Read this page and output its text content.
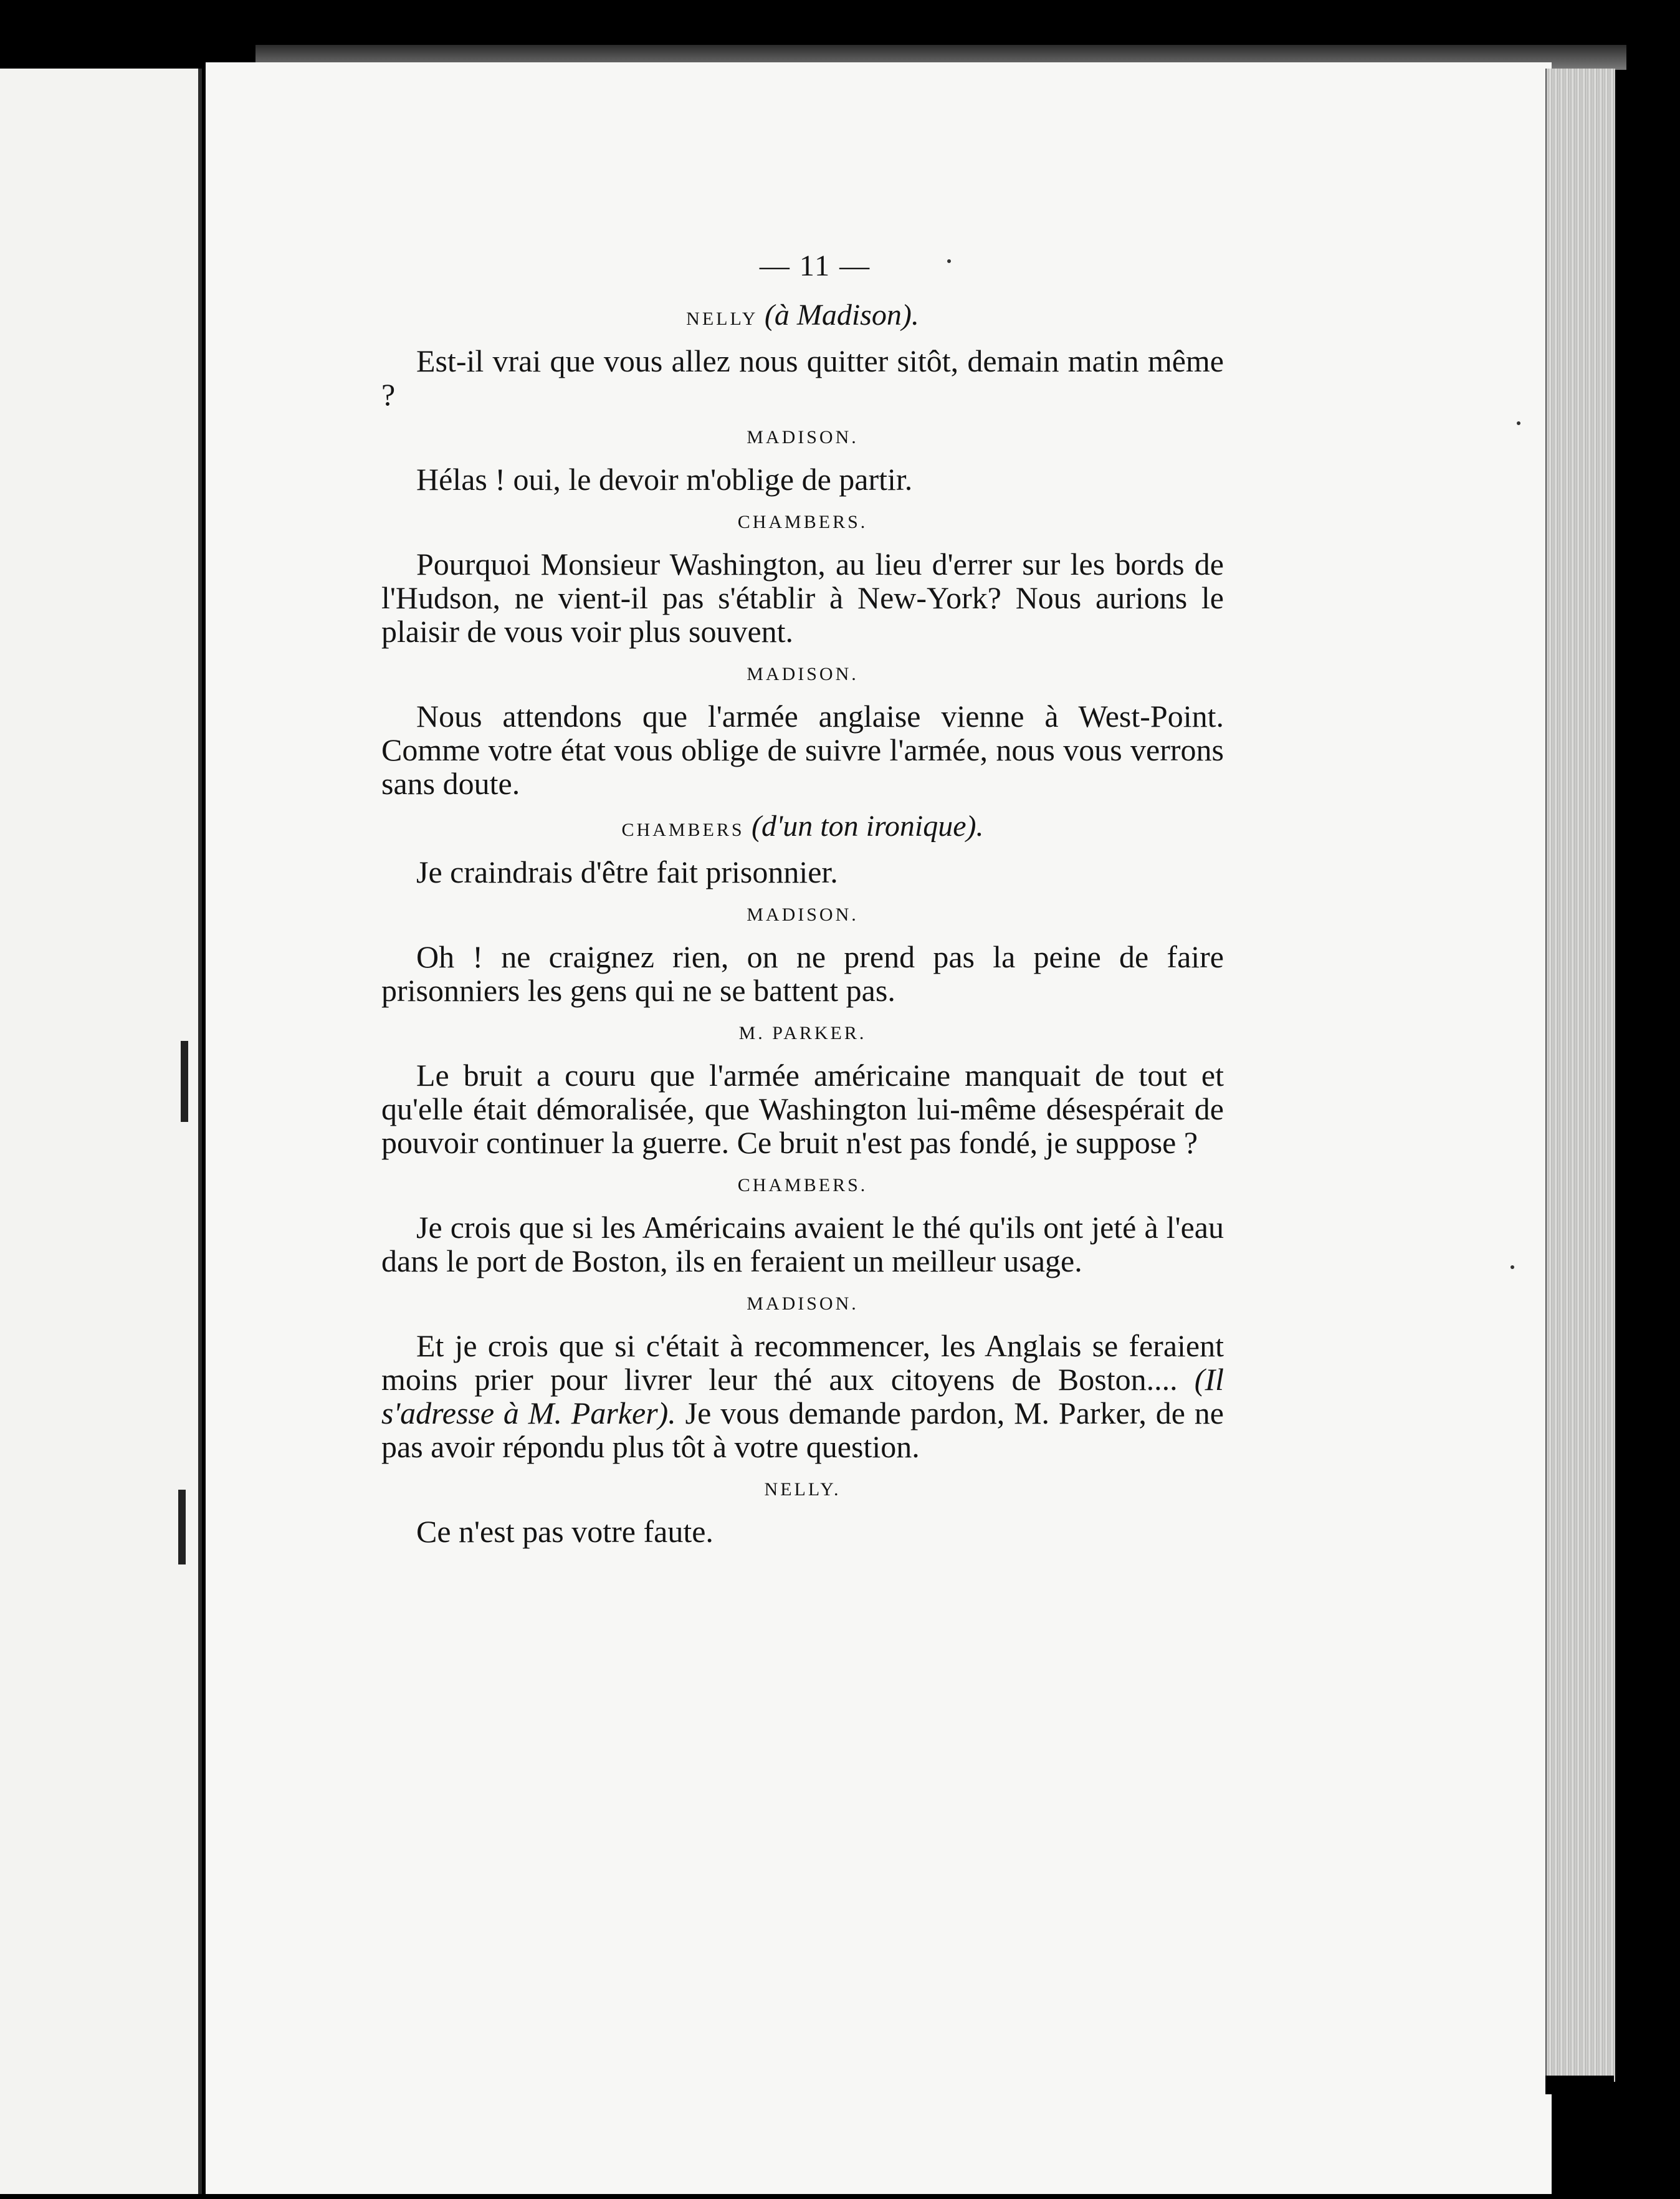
— 11 —
NELLY (à Madison).

Est-il vrai que vous allez nous quitter sitôt, demain matin même ?

MADISON.

Hélas ! oui, le devoir m'oblige de partir.

CHAMBERS.

Pourquoi Monsieur Washington, au lieu d'errer sur les bords de l'Hudson, ne vient-il pas s'établir à New-York? Nous aurions le plaisir de vous voir plus souvent.

MADISON.

Nous attendons que l'armée anglaise vienne à West-Point. Comme votre état vous oblige de suivre l'armée, nous vous verrons sans doute.

CHAMBERS (d'un ton ironique).

Je craindrais d'être fait prisonnier.

MADISON.

Oh ! ne craignez rien, on ne prend pas la peine de faire prisonniers les gens qui ne se battent pas.

M. PARKER.

Le bruit a couru que l'armée américaine manquait de tout et qu'elle était démoralisée, que Washington lui-même désespérait de pouvoir continuer la guerre. Ce bruit n'est pas fondé, je suppose ?

CHAMBERS.

Je crois que si les Américains avaient le thé qu'ils ont jeté à l'eau dans le port de Boston, ils en feraient un meilleur usage.

MADISON.

Et je crois que si c'était à recommencer, les Anglais se feraient moins prier pour livrer leur thé aux citoyens de Boston.... (Il s'adresse à M. Parker). Je vous demande pardon, M. Parker, de ne pas avoir répondu plus tôt à votre question.

NELLY.

Ce n'est pas votre faute.
